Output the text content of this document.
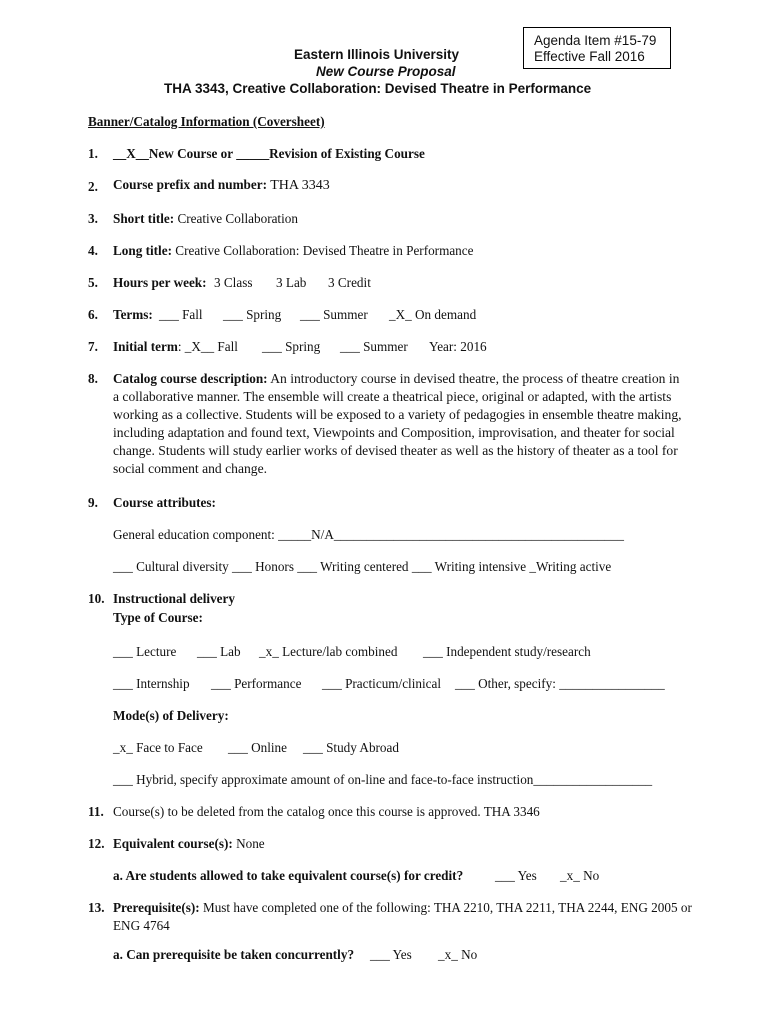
Agenda Item #15-79
Effective Fall 2016
Eastern Illinois University
New Course Proposal
THA 3343, Creative Collaboration: Devised Theatre in Performance
Banner/Catalog Information (Coversheet)
1. __X__New Course or _____Revision of Existing Course
2. Course prefix and number: THA 3343
3. Short title: Creative Collaboration
4. Long title: Creative Collaboration: Devised Theatre in Performance
5. Hours per week: 3 Class 3 Lab 3 Credit
6. Terms: ___ Fall ___ Spring ___ Summer _X_ On demand
7. Initial term: _X__ Fall ___ Spring ___ Summer Year: 2016
8. Catalog course description: An introductory course in devised theatre, the process of theatre creation in a collaborative manner. The ensemble will create a theatrical piece, original or adapted, with the artists working as a collective. Students will be exposed to a variety of pedagogies in ensemble theatre making, including adaptation and found text, Viewpoints and Composition, improvisation, and theater for social change. Students will study earlier works of devised theater as well as the history of theater as a tool for social comment and change.
9. Course attributes:
General education component: _____N/A____________________________________________
___ Cultural diversity ___ Honors ___ Writing centered ___ Writing intensive _Writing active
10. Instructional delivery
Type of Course:
___ Lecture ___ Lab _x_ Lecture/lab combined ___ Independent study/research
___ Internship ___ Performance ___ Practicum/clinical ___ Other, specify: ________________
Mode(s) of Delivery:
_x_ Face to Face ___ Online ___ Study Abroad
___ Hybrid, specify approximate amount of on-line and face-to-face instruction__________________
11. Course(s) to be deleted from the catalog once this course is approved. THA 3346
12. Equivalent course(s): None
a. Are students allowed to take equivalent course(s) for credit? ___ Yes _x_ No
13. Prerequisite(s): Must have completed one of the following: THA 2210, THA 2211, THA 2244, ENG 2005 or ENG 4764
a. Can prerequisite be taken concurrently? ___ Yes _x_ No
